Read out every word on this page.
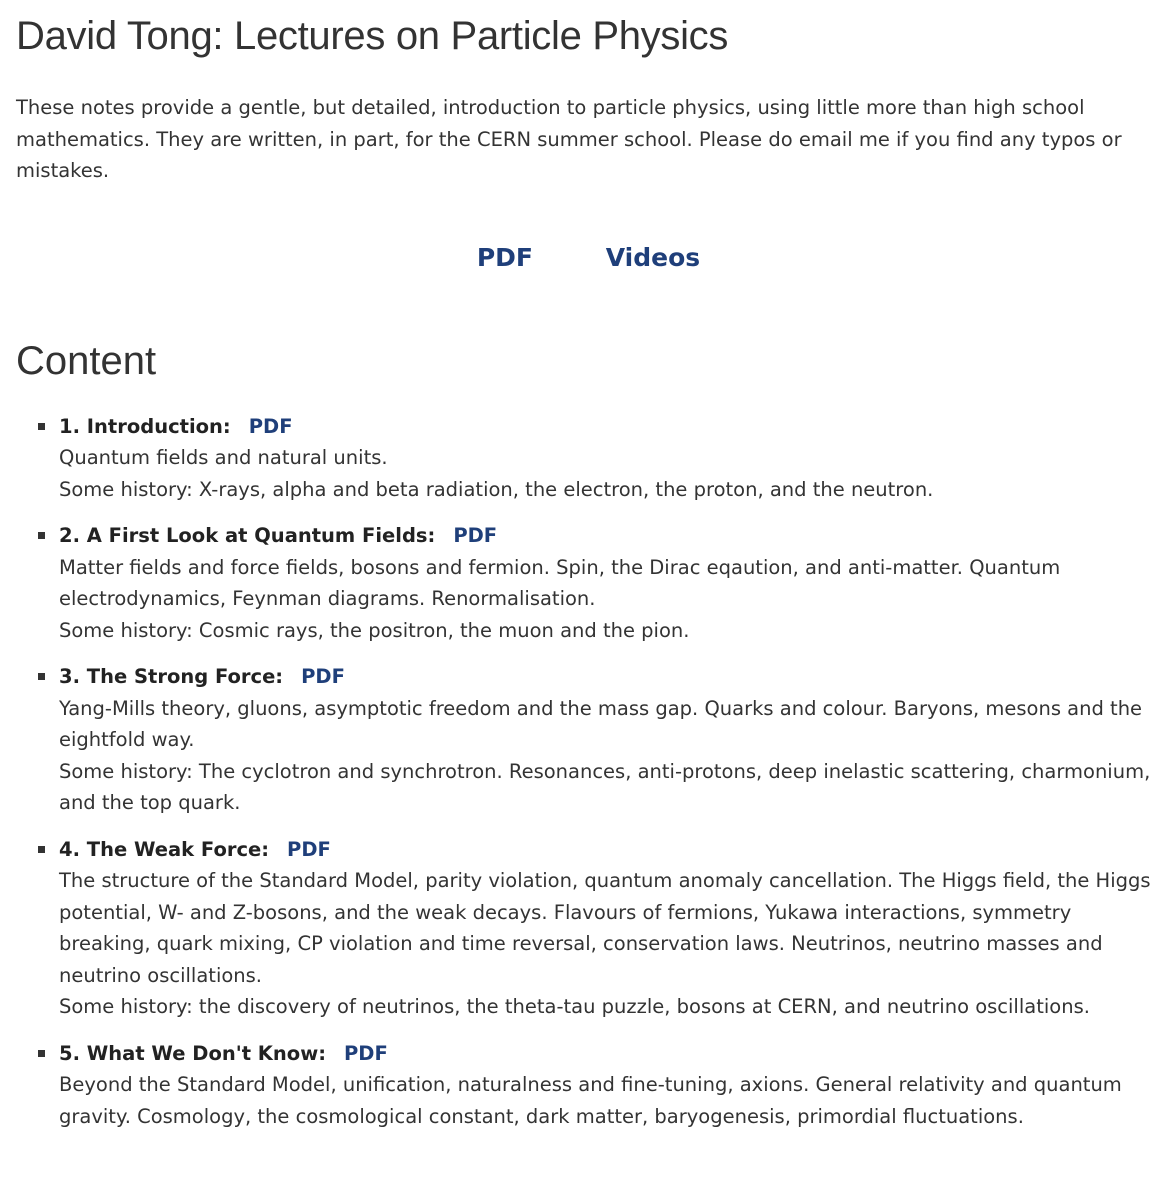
David Tong: Lectures on Particle Physics

These notes provide a gentle, but detailed, introduction to particle physics, using little more than high school mathematics. They are written, in part, for the CERN summer school. Please do email me if you find any typos or mistakes.

PDF	Videos
Content
1. Introduction: PDF
Quantum fields and natural units.
Some history: X-rays, alpha and beta radiation, the electron, the proton, and the neutron.
2. A First Look at Quantum Fields: PDF
Matter fields and force fields, bosons and fermion. Spin, the Dirac eqaution, and anti-matter. Quantum electrodynamics, Feynman diagrams. Renormalisation.
Some history: Cosmic rays, the positron, the muon and the pion.
3. The Strong Force: PDF
Yang-Mills theory, gluons, asymptotic freedom and the mass gap. Quarks and colour. Baryons, mesons and the eightfold way.
Some history: The cyclotron and synchrotron. Resonances, anti-protons, deep inelastic scattering, charmonium, and the top quark.
4. The Weak Force: PDF
The structure of the Standard Model, parity violation, quantum anomaly cancellation. The Higgs field, the Higgs potential, W- and Z-bosons, and the weak decays. Flavours of fermions, Yukawa interactions, symmetry breaking, quark mixing, CP violation and time reversal, conservation laws. Neutrinos, neutrino masses and neutrino oscillations.
Some history: the discovery of neutrinos, the theta-tau puzzle, bosons at CERN, and neutrino oscillations.
5. What We Don't Know: PDF
Beyond the Standard Model, unification, naturalness and fine-tuning, axions. General relativity and quantum gravity. Cosmology, the cosmological constant, dark matter, baryogenesis, primordial fluctuations.
